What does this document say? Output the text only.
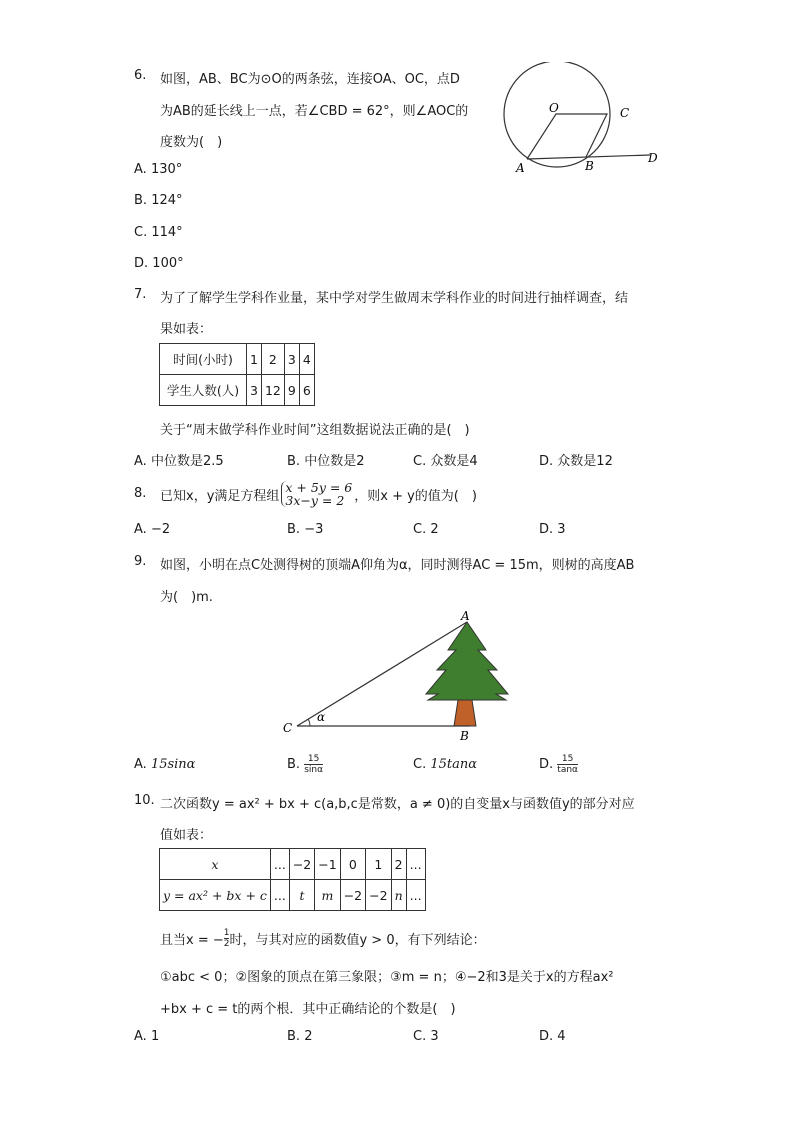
6. 如图，AB、BC为⊙O的两条弦，连接OA、OC，点D
为AB的延长线上一点，若∠CBD = 62°，则∠AOC的
度数为(　)
O
A	B
C
D
A. 130°
B. 124°
C. 114°
D. 100°
7. 为了了解学生学科作业量，某中学对学生做周末学科作业的时间进行抽样调查，结
果如表：
时间(小时)	1	2	3	4
学生人数(人)	3	12	9	6
关于“周末做学科作业时间”这组数据说法正确的是(　)
A. 中位数是2.5	B. 中位数是2	C. 众数是4	D. 众数是12
8. 已知x，y满足方程组
x + 5y = 6
3x−y = 2 ，则x + y的值为(　)
A. −2	B. −3	C. 2	D. 3
9. 如图，小明在点C处测得树的顶端A仰角为α，同时测得AC = 15m，则树的高度AB
为(　)m.
A
B
C
α
A. 15sinα	B.
$\frac{15}{\sin\alpha}$	C. 15tanα	D.
$\frac{15}{\tan\alpha}$
10. 二次函数y = ax² + bx + c(a,b,c是常数，a ≠ 0)的自变量x与函数值y的部分对应
值如表：
x	...	−2	−1	0	1	2	...
y = ax² + bx + c	...	t	m	−2	−2	n	...
且当x = − $\frac{1}{2}$ 时，与其对应的函数值y > 0，有下列结论：
①abc < 0；②图象的顶点在第三象限；③m = n；④−2和3是关于x的方程ax²
+bx + c = t的两个根．其中正确结论的个数是(　)
A. 1	B. 2	C. 3	D. 4
